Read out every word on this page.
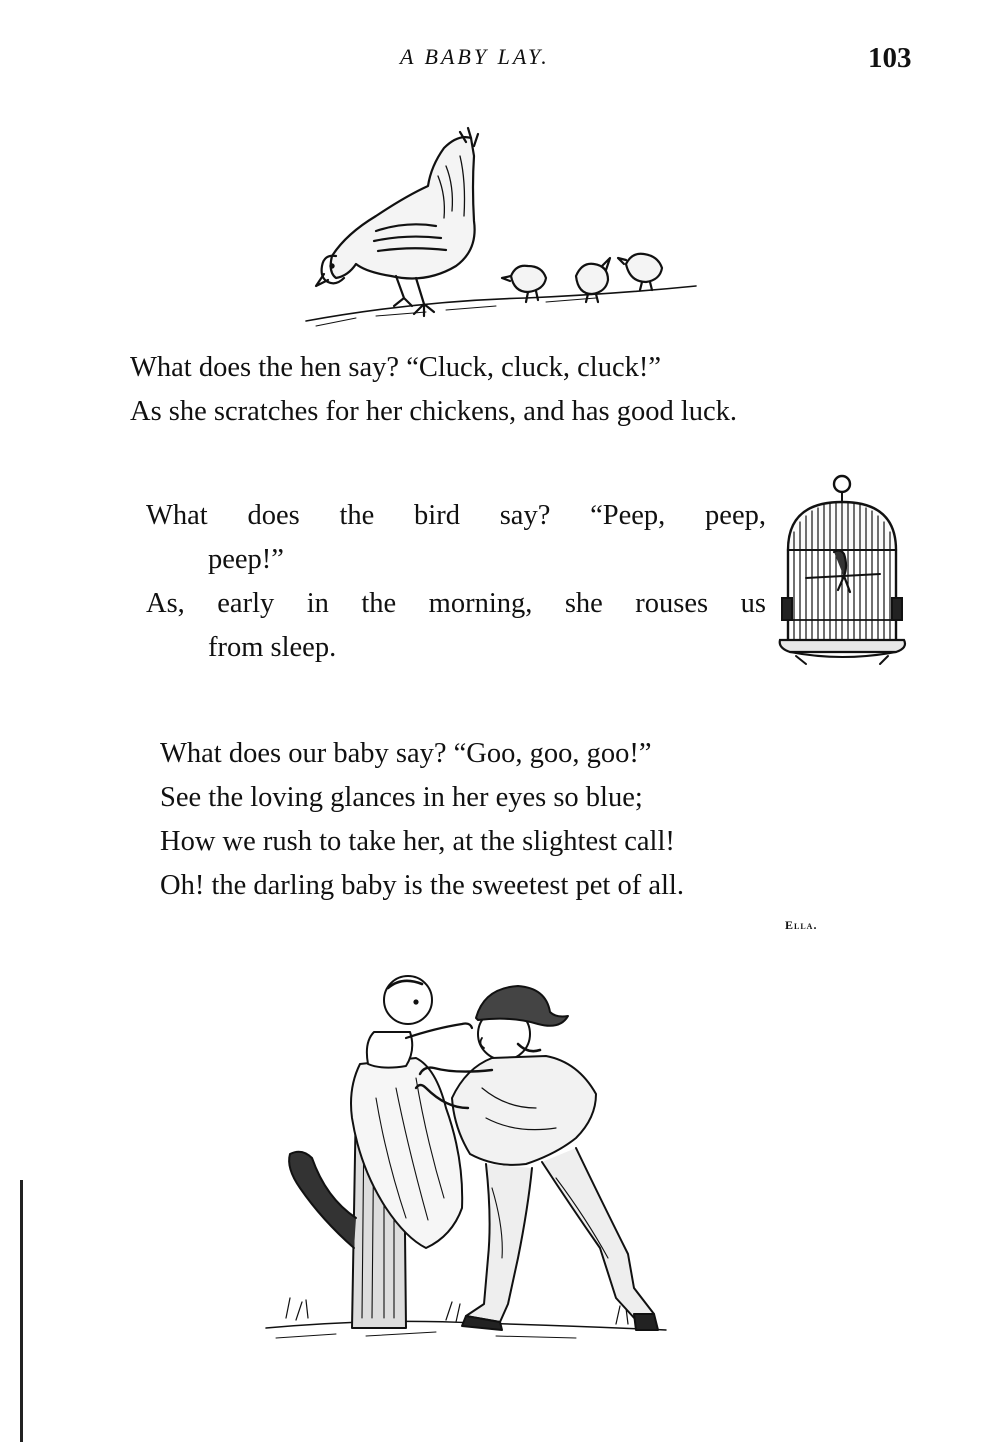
A BABY LAY.	103
What does the hen say? “Cluck, cluck, cluck!”
As she scratches for her chickens, and has good luck.
What does the bird say? “Peep, peep,
peep!”
As, early in the morning, she rouses us
from sleep.
What does our baby say? “Goo, goo, goo!”
See the loving glances in her eyes so blue;
How we rush to take her, at the slightest call!
Oh! the darling baby is the sweetest pet of all.
Ella.
